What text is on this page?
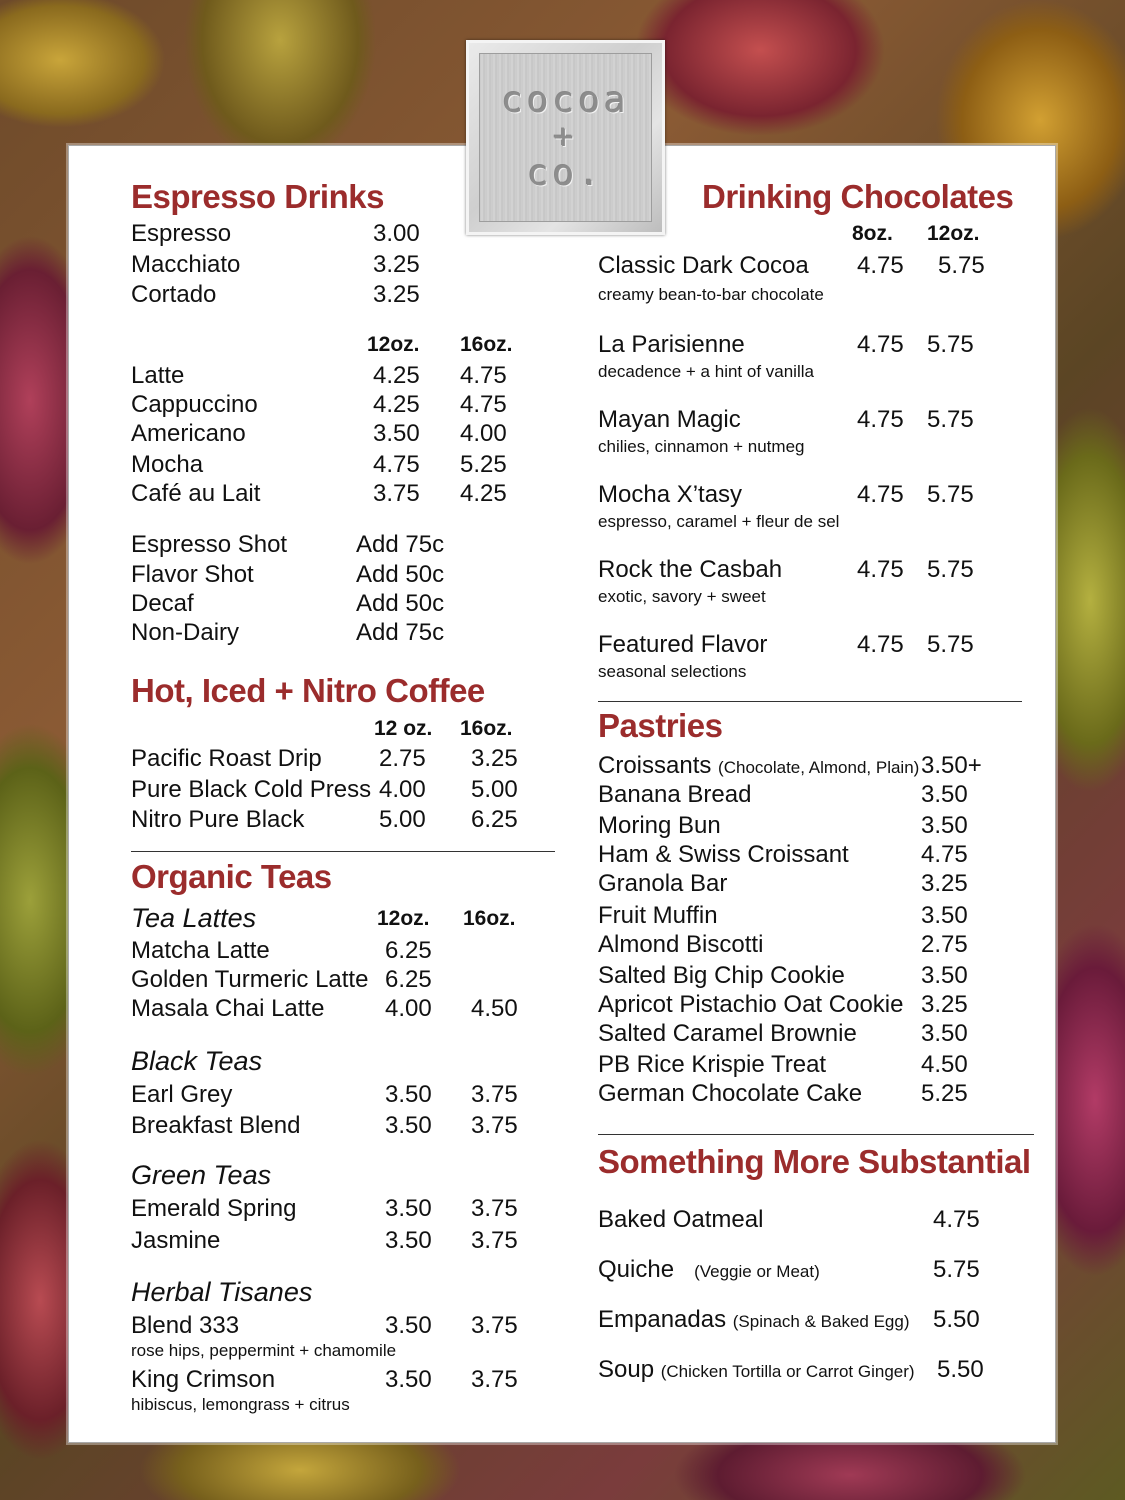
cocoa
+
co.
Espresso Drinks
Espresso	3.00
Macchiato	3.25
Cortado	3.25
12oz. 16oz.
Latte	4.25 4.75
Cappuccino	4.25 4.75
Americano	3.50 4.00
Mocha	4.75 5.25
Café au Lait	3.75 4.25
Espresso Shot	Add 75c
Flavor Shot	Add 50c
Decaf	Add 50c
Non-Dairy	Add 75c
Hot, Iced + Nitro Coffee
12 oz. 16oz.
Pacific Roast Drip 2.75 3.25
Pure Black Cold Press 4.00 5.00
Nitro Pure Black	5.00 6.25
Organic Teas
Tea Lattes	12oz. 16oz.
Matcha Latte	6.25
Golden Turmeric Latte 6.25
Masala Chai Latte	4.00 4.50
Black Teas
Earl Grey	3.50 3.75
Breakfast Blend	3.50 3.75
Green Teas
Emerald Spring	3.50 3.75
Jasmine	3.50 3.75
Herbal Tisanes
Blend 333	3.50 3.75
rose hips, peppermint + chamomile
King Crimson	3.50 3.75
hibiscus, lemongrass + citrus
Drinking Chocolates
8oz. 12oz.
Classic Dark Cocoa 4.75 5.75
creamy bean-to-bar chocolate
La Parisienne	4.75 5.75
decadence + a hint of vanilla
Mayan Magic	4.75 5.75
chilies, cinnamon + nutmeg
Mocha X’tasy	4.75 5.75
espresso, caramel + fleur de sel
Rock the Casbah	4.75 5.75
exotic, savory + sweet
Featured Flavor	4.75 5.75
seasonal selections
Pastries
Croissants (Chocolate, Almond, Plain) 3.50+
Banana Bread	3.50
Moring Bun	3.50
Ham & Swiss Croissant	4.75
Granola Bar	3.25
Fruit Muffin	3.50
Almond Biscotti	2.75
Salted Big Chip Cookie	3.50
Apricot Pistachio Oat Cookie 3.25
Salted Caramel Brownie	3.50
PB Rice Krispie Treat	4.50
German Chocolate Cake 5.25
Something More Substantial
Baked Oatmeal	4.75
Quiche (Veggie or Meat)	5.75
Empanadas (Spinach & Baked Egg) 5.50
Soup (Chicken Tortilla or Carrot Ginger) 5.50
